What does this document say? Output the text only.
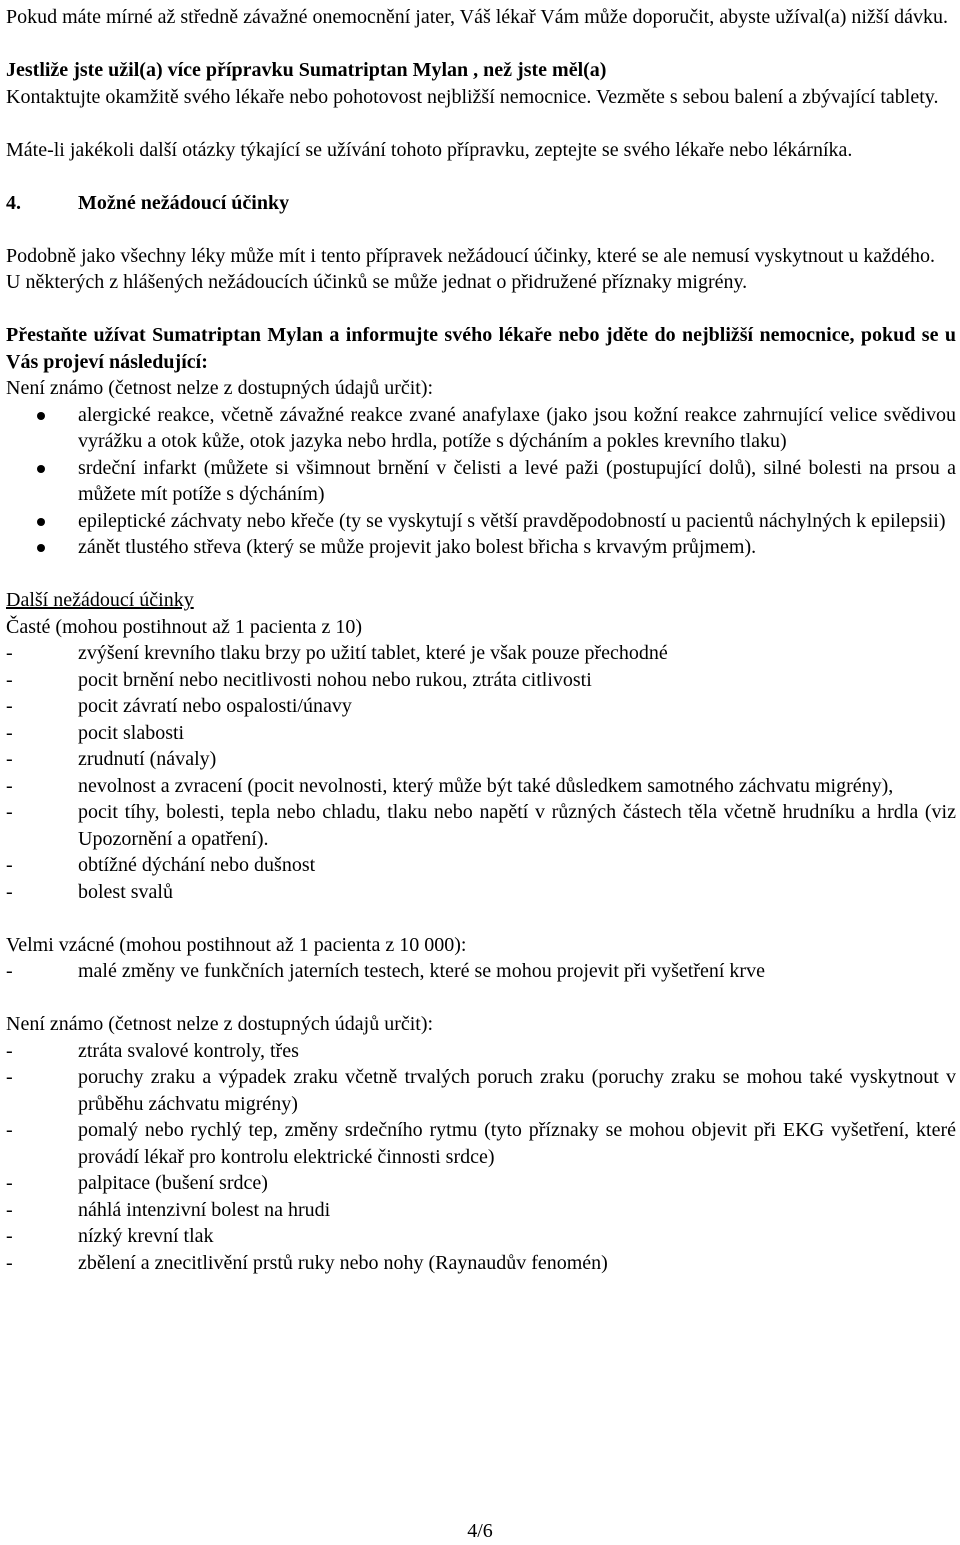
Pokud máte mírné až středně závažné onemocnění jater, Váš lékař Vám může doporučit, abyste užíval(a) nižší dávku.

Jestliže jste užil(a) více přípravku Sumatriptan Mylan , než jste měl(a)

Kontaktujte okamžitě svého lékaře nebo pohotovost nejbližší nemocnice. Vezměte s sebou balení a zbývající tablety.

Máte-li jakékoli další otázky týkající se užívání tohoto přípravku, zeptejte se svého lékaře nebo lékárníka.

4.	Možné nežádoucí účinky

Podobně jako všechny léky může mít i tento přípravek nežádoucí účinky, které se ale nemusí vyskytnout u každého.

U některých z hlášených nežádoucích účinků se může jednat o přidružené příznaky migrény.

Přestaňte užívat Sumatriptan Mylan a informujte svého lékaře nebo jděte do nejbližší nemocnice, pokud se u Vás projeví následující:

Není známo (četnost nelze z dostupných údajů určit):

alergické reakce, včetně závažné reakce zvané anafylaxe (jako jsou kožní reakce zahrnující velice svědivou vyrážku a otok kůže, otok jazyka nebo hrdla, potíže s dýcháním a pokles krevního tlaku)
srdeční infarkt (můžete si všimnout brnění v čelisti a levé paži (postupující dolů), silné bolesti na prsou a můžete mít potíže s dýcháním)
epileptické záchvaty nebo křeče (ty se vyskytují s větší pravděpodobností u pacientů náchylných k epilepsii)
zánět tlustého střeva (který se může projevit jako bolest břicha s krvavým průjmem).

Další nežádoucí účinky

Časté (mohou postihnout až 1 pacienta z 10)

-	zvýšení krevního tlaku brzy po užití tablet, které je však pouze přechodné
-	pocit brnění nebo necitlivosti nohou nebo rukou, ztráta citlivosti
-	pocit závratí nebo ospalosti/únavy
-	pocit slabosti
-	zrudnutí (návaly)
-	nevolnost a zvracení (pocit nevolnosti, který může být také důsledkem samotného záchvatu migrény),
-	pocit tíhy, bolesti, tepla nebo chladu, tlaku nebo napětí v různých částech těla včetně hrudníku a hrdla (viz Upozornění a opatření).
-	obtížné dýchání nebo dušnost
-	bolest svalů

Velmi vzácné (mohou postihnout až 1 pacienta z 10 000):

-	malé změny ve funkčních jaterních testech, které se mohou projevit při vyšetření krve

Není známo (četnost nelze z dostupných údajů určit):

-	ztráta svalové kontroly, třes
-	poruchy zraku a výpadek zraku včetně trvalých poruch zraku (poruchy zraku se mohou také vyskytnout v průběhu záchvatu migrény)
-	pomalý nebo rychlý tep, změny srdečního rytmu (tyto příznaky se mohou objevit při EKG vyšetření, které provádí lékař pro kontrolu elektrické činnosti srdce)
-	palpitace (bušení srdce)
-	náhlá intenzivní bolest na hrudi
-	nízký krevní tlak
-	zbělení a znecitlivění prstů ruky nebo nohy (Raynaudův fenomén)
4/6
